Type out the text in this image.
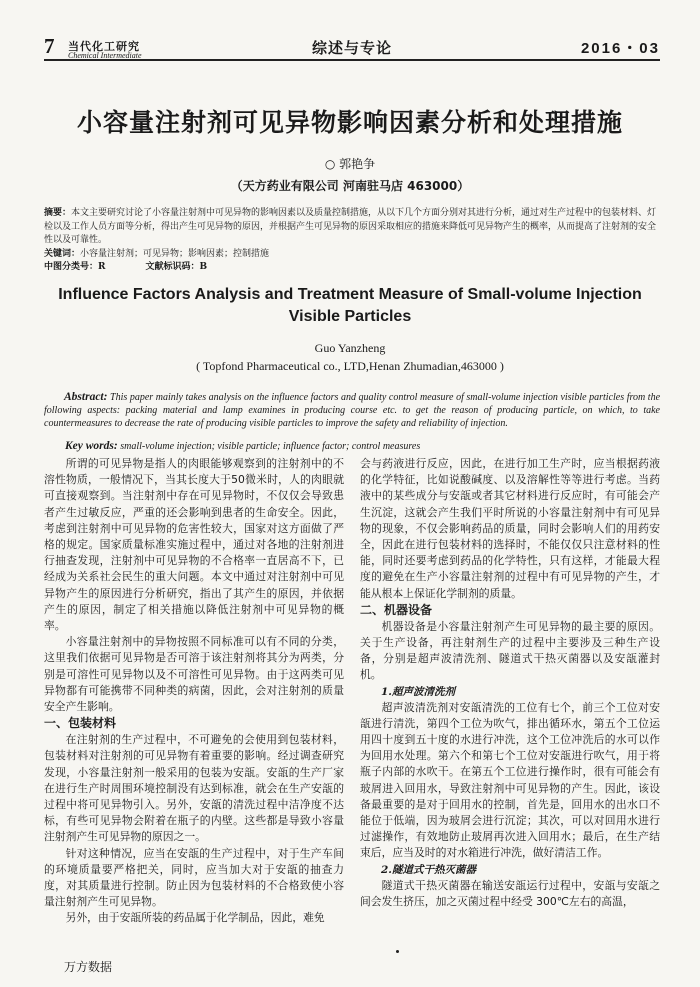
7 当代化工研究
Chemical Intermediate	综述与专论	2016・03
小容量注射剂可见异物影响因素分析和处理措施
○ 郭艳争
（天方药业有限公司 河南驻马店 463000）
摘要：本文主要研究讨论了小容量注射剂中可见异物的影响因素以及质量控制措施，从以下几个方面分别对其进行分析，通过对生产过程中的包装材料、灯检以及工作人员方面等分析，得出产生可见异物的原因，并根据产生可见异物的原因采取相应的措施来降低可见异物产生的概率，从而提高了注射剂的安全性以及可靠性。
关键词：小容量注射剂；可见异物；影响因素；控制措施
中图分类号：R	文献标识码：B
Influence Factors Analysis and Treatment Measure of Small-volume Injection
Visible Particles
Guo Yanzheng
( Topfond Pharmaceutical co., LTD,Henan Zhumadian,463000 )
Abstract: This paper mainly takes analysis on the influence factors and quality control measure of small-volume injection visible particles from the following aspects: packing material and lamp examines in producing course etc. to get the reason of producing particle, on which, to take countermeasures to decrease the rate of producing visible particles to improve the safety and reliability of injection.
Key words: small-volume injection; visible particle; influence factor; control measures

所谓的可见异物是指人的肉眼能够观察到的注射剂中的不溶性物质，一般情况下，当其长度大于50微米时，人的肉眼就可直接观察到。当注射剂中存在可见异物时，不仅仅会导致患者产生过敏反应，严重的还会影响到患者的生命安全。因此，考虑到注射剂中可见异物的危害性较大，国家对这方面做了严格的规定。国家质量标准实施过程中，通过对各地的注射剂进行抽查发现，注射剂中可见异物的不合格率一直居高不下，已经成为关系社会民生的重大问题。本文中通过对注射剂中可见异物产生的原因进行分析研究，指出了其产生的原因，并依据产生的原因，制定了相关措施以降低注射剂中可见异物的概率。

小容量注射剂中的异物按照不同标准可以有不同的分类，这里我们依据可见异物是否可溶于该注射剂将其分为两类，分别是可溶性可见异物以及不可溶性可见异物。由于这两类可见异物都有可能携带不同种类的病菌，因此，会对注射剂的质量安全产生影响。

一、包装材料

在注射剂的生产过程中，不可避免的会使用到包装材料，包装材料对注射剂的可见异物有着重要的影响。经过调查研究发现，小容量注射剂一般采用的包装为安瓿。安瓿的生产厂家在进行生产时周围环境控制没有达到标准，就会在生产安瓿的过程中将可见异物引入。另外，安瓿的清洗过程中洁净度不达标，有些可见异物会附着在瓶子的内壁。这些都是导致小容量注射剂产生可见异物的原因之一。

针对这种情况，应当在安瓿的生产过程中，对于生产车间的环境质量要严格把关，同时，应当加大对于安瓿的抽查力度，对其质量进行控制。防止因为包装材料的不合格致使小容量注射剂产生可见异物。

另外，由于安瓿所装的药品属于化学制品，因此，难免

会与药液进行反应，因此，在进行加工生产时，应当根据药液的化学特征，比如说酸碱度、以及溶解性等等进行考虑。当药液中的某些成分与安瓿或者其它材料进行反应时，有可能会产生沉淀，这就会产生我们平时所说的小容量注射剂中有可见异物的现象，不仅会影响药品的质量，同时会影响人们的用药安全，因此在进行包装材料的选择时，不能仅仅只注意材料的性能，同时还要考虑到药品的化学特性，只有这样，才能最大程度的避免在生产小容量注射剂的过程中有可见异物的产生，才能从根本上保证化学制剂的质量。

二、机器设备

机器设备是小容量注射剂产生可见异物的最主要的原因。关于生产设备，再注射剂生产的过程中主要涉及三种生产设备，分别是超声波清洗剂、隧道式干热灭菌器以及安瓿灌封机。

1.超声波清洗剂

超声波清洗剂对安瓿清洗的工位有七个，前三个工位对安瓿进行清洗，第四个工位为吹气，排出循环水，第五个工位运用四十度到五十度的水进行冲洗，这个工位冲洗后的水可以作为回用水处理。第六个和第七个工位对安瓿进行吹气，用于将瓶子内部的水吹干。在第五个工位进行操作时，很有可能会有玻屑进入回用水，导致注射剂中可见异物的产生。因此，该设备最重要的是对于回用水的控制，首先是，回用水的出水口不能位于低端，因为玻屑会进行沉淀；其次，可以对回用水进行过滤操作，有效地防止玻屑再次进入回用水；最后，在生产结束后，应当及时的对水箱进行冲洗，做好清洁工作。

2.隧道式干热灭菌器

隧道式干热灭菌器在输送安瓿运行过程中，安瓿与安瓿之间会发生挤压，加之灭菌过程中经受 300℃左右的高温，

万方数据
